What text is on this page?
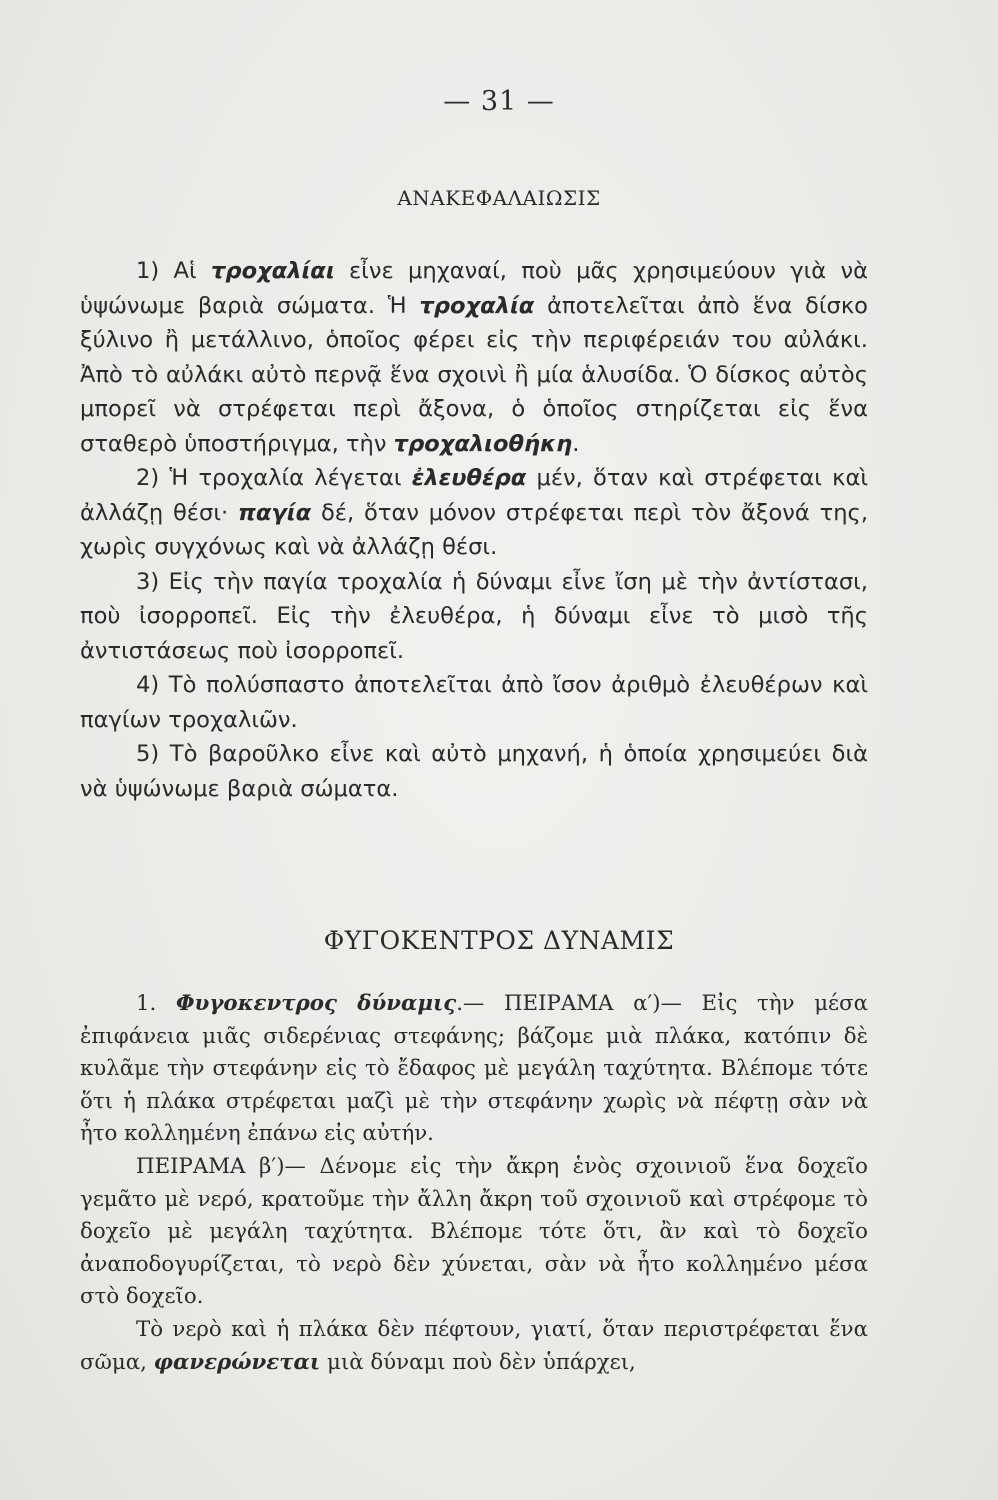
— 31 —
ΑΝΑΚΕΦΑΛΑΙΩΣΙΣ

1) Αἱ τροχαλίαι εἶνε μηχαναί, ποὺ μᾶς χρησιμεύουν γιὰ νὰ ὑψώνωμε βαριὰ σώματα. Ἡ τροχαλία ἀποτελεῖται ἀπὸ ἕνα δίσκο ξύλινο ἢ μετάλλινο, ὁποῖος φέρει εἰς τὴν περιφέρειάν του αὐλάκι. Ἀπὸ τὸ αὐλάκι αὐτὸ περνᾷ ἕνα σχοινὶ ἢ μία ἁλυσίδα. Ὁ δίσκος αὐτὸς μπορεῖ νὰ στρέφεται περὶ ἄξονα, ὁ ὁποῖος στηρίζεται εἰς ἕνα σταθερὸ ὑποστήριγμα, τὴν τροχαλιοθήκη.

2) Ἡ τροχαλία λέγεται ἐλευθέρα μέν, ὅταν καὶ στρέφεται καὶ ἀλλάζῃ θέσι· παγία δέ, ὅταν μόνον στρέφεται περὶ τὸν ἄξονά της, χωρὶς συγχόνως καὶ νὰ ἀλλάζῃ θέσι.

3) Εἰς τὴν παγία τροχαλία ἡ δύναμι εἶνε ἴση μὲ τὴν ἀντίστασι, ποὺ ἰσορροπεῖ. Εἰς τὴν ἐλευθέρα, ἡ δύναμι εἶνε τὸ μισὸ τῆς ἀντιστάσεως ποὺ ἰσορροπεῖ.

4) Τὸ πολύσπαστο ἀποτελεῖται ἀπὸ ἴσον ἀριθμὸ ἐλευθέρων καὶ παγίων τροχαλιῶν.

5) Τὸ βαροῦλκο εἶνε καὶ αὐτὸ μηχανή, ἡ ὁποία χρησιμεύει διὰ νὰ ὑψώνωμε βαριὰ σώματα.

ΦΥΓΟΚΕΝΤΡΟΣ ΔΥΝΑΜΙΣ

1. Φυγοκεντρος δύναμις.— ΠΕΙΡΑΜΑ α′)— Εἰς τὴν μέσα ἐπιφάνεια μιᾶς σιδερένιας στεφάνης; βάζομε μιὰ πλάκα, κατόπιν δὲ κυλᾶμε τὴν στεφάνην εἰς τὸ ἔδαφος μὲ μεγάλη ταχύτητα. Βλέπομε τότε ὅτι ἡ πλάκα στρέφεται μαζὶ μὲ τὴν στεφάνην χωρὶς νὰ πέφτῃ σὰν νὰ ἦτο κολλημένη ἐπάνω εἰς αὐτήν.

ΠΕΙΡΑΜΑ β′)— Δένομε εἰς τὴν ἄκρη ἑνὸς σχοινιοῦ ἕνα δοχεῖο γεμᾶτο μὲ νερό, κρατοῦμε τὴν ἄλλη ἄκρη τοῦ σχοινιοῦ καὶ στρέφομε τὸ δοχεῖο μὲ μεγάλη ταχύτητα. Βλέπομε τότε ὅτι, ἂν καὶ τὸ δοχεῖο ἀναποδογυρίζεται, τὸ νερὸ δὲν χύνεται, σὰν νὰ ἦτο κολλημένο μέσα στὸ δοχεῖο.

Τὸ νερὸ καὶ ἡ πλάκα δὲν πέφτουν, γιατί, ὅταν περιστρέφεται ἕνα σῶμα, φανερώνεται μιὰ δύναμι ποὺ δὲν ὑπάρχει,
